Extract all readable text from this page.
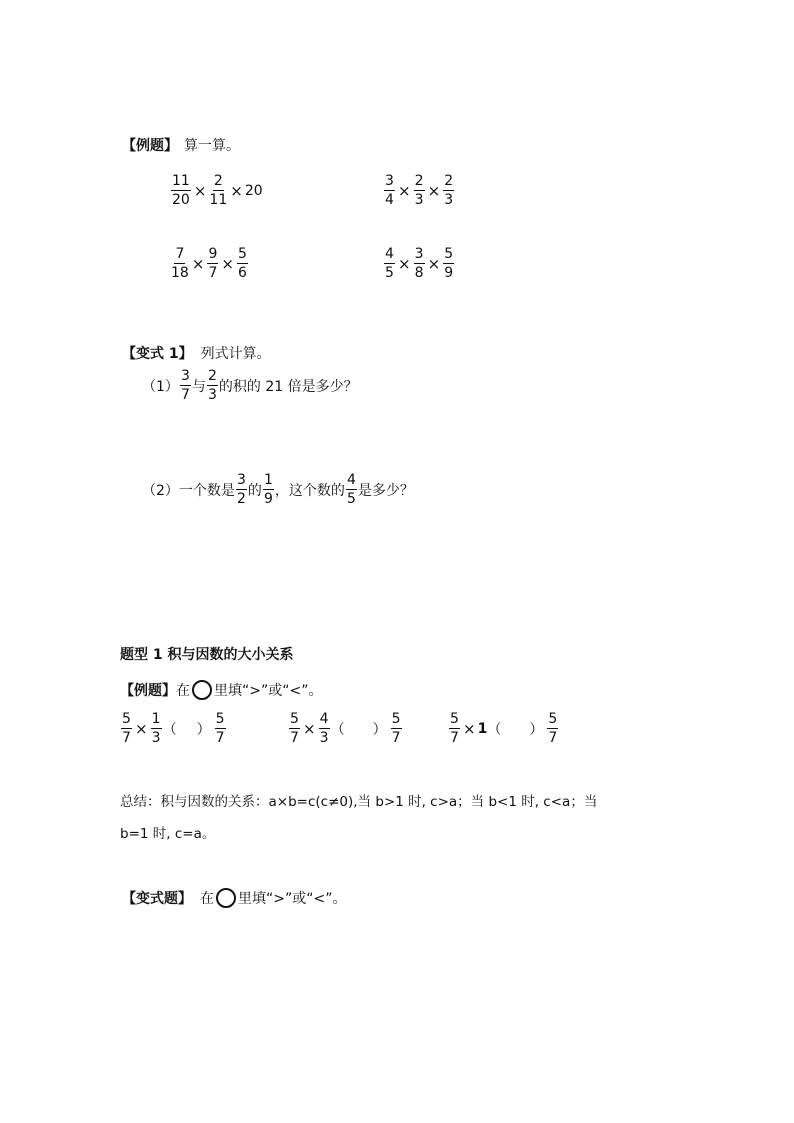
【例题】 算一算。
$\frac{11}{20} \times \frac{2}{11} \times 20$	$\frac{3}{4} \times \frac{2}{3} \times \frac{2}{3}$
$\frac{7}{18} \times \frac{9}{7} \times \frac{5}{6}$	$\frac{4}{5} \times \frac{3}{8} \times \frac{5}{9}$
【变式 1】 列式计算。
$(1) \frac{3}{7}$ 与 $\frac{2}{3}$ 的积的 21 倍是多少？
（2） 一个数是 $\frac{3}{2}$ 的 $\frac{1}{9}$ ，这个数的 $\frac{4}{5}$ 是多少？
题型 1 积与因数的大小关系
【例题】 在 里填“>”或“<”。
$\frac{5}{7} \times \frac{1}{3}$ （ ） $\frac{5}{7}$	$\frac{5}{7} \times \frac{4}{3}$ （ ） $\frac{5}{7}$	$\frac{5}{7} \times 1$ （ ） $\frac{5}{7}$
总结：积与因数的关系：a×b=c(c≠0),当 b>1 时, c>a；当 b<1 时, c<a；当
b=1 时, c=a。
【变式题】 在 里填“>”或“<”。
